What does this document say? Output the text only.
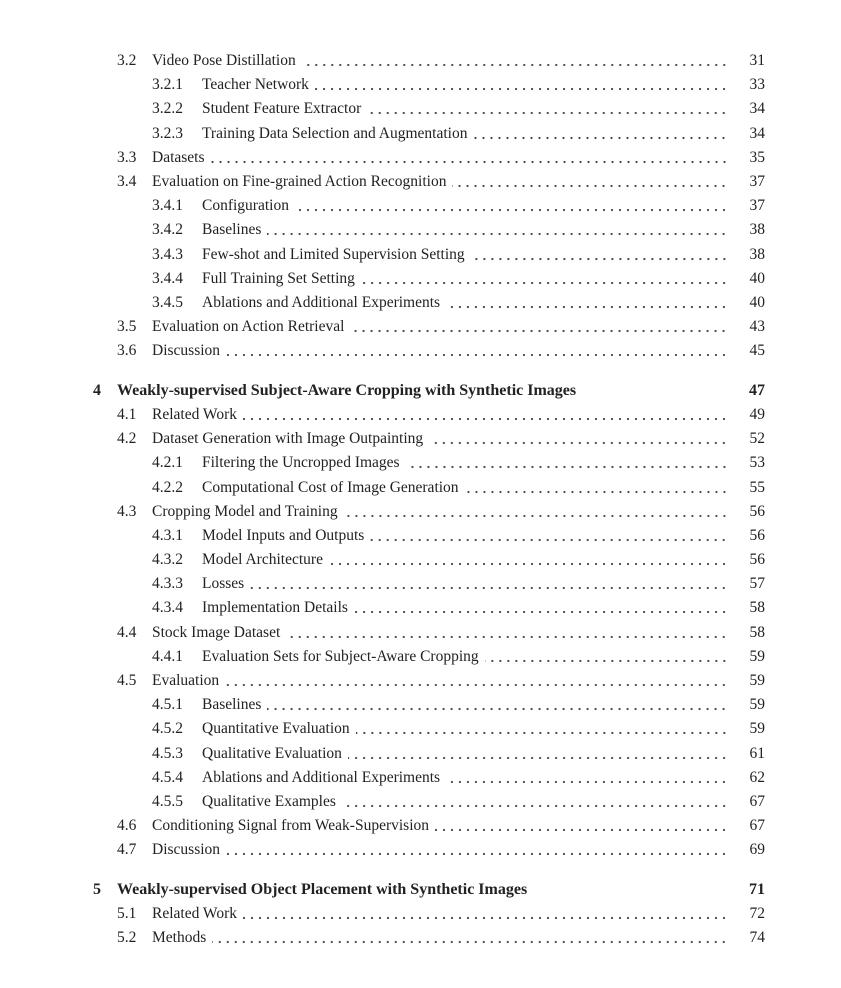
3.2	Video Pose Distillation	31
3.2.1	Teacher Network	33
3.2.2	Student Feature Extractor	34
3.2.3	Training Data Selection and Augmentation	34
3.3	Datasets	35
3.4	Evaluation on Fine-grained Action Recognition	37
3.4.1	Configuration	37
3.4.2	Baselines	38
3.4.3	Few-shot and Limited Supervision Setting	38
3.4.4	Full Training Set Setting	40
3.4.5	Ablations and Additional Experiments	40
3.5	Evaluation on Action Retrieval	43
3.6	Discussion	45
4	Weakly-supervised Subject-Aware Cropping with Synthetic Images	47
4.1	Related Work	49
4.2	Dataset Generation with Image Outpainting	52
4.2.1	Filtering the Uncropped Images	53
4.2.2	Computational Cost of Image Generation	55
4.3	Cropping Model and Training	56
4.3.1	Model Inputs and Outputs	56
4.3.2	Model Architecture	56
4.3.3	Losses	57
4.3.4	Implementation Details	58
4.4	Stock Image Dataset	58
4.4.1	Evaluation Sets for Subject-Aware Cropping	59
4.5	Evaluation	59
4.5.1	Baselines	59
4.5.2	Quantitative Evaluation	59
4.5.3	Qualitative Evaluation	61
4.5.4	Ablations and Additional Experiments	62
4.5.5	Qualitative Examples	67
4.6	Conditioning Signal from Weak-Supervision	67
4.7	Discussion	69
5	Weakly-supervised Object Placement with Synthetic Images	71
5.1	Related Work	72
5.2	Methods	74
